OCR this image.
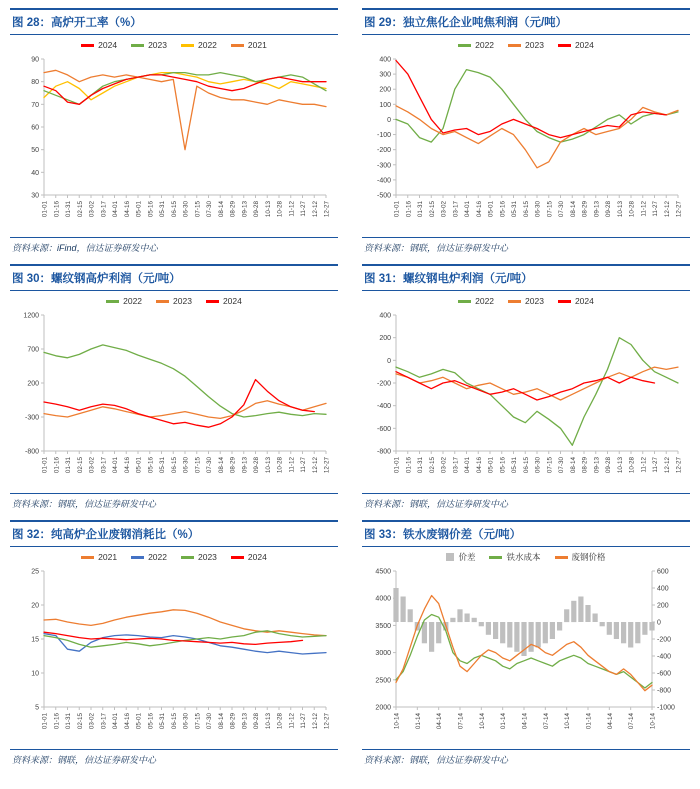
图 28：高炉开工率（%）
2024	2023	2022	2021
90
80
70
60
50
40
30
01-01 01-16 01-31 02-15 03-02 03-17 04-01 04-16 05-01 05-16 05-31 06-15 06-30 07-15 07-30 08-14 08-29 09-13 09-28 10-13 10-28 11-12 11-27 12-12 12-27

资料来源：iFind，信达证券研发中心

图 29：独立焦化企业吨焦利润（元/吨）
2022	2023	2024
400
300
200
100
0
-100
-200
-300
-400
-500
01-01 01-16 01-31 02-15 03-02 03-17 04-01 04-16 05-01 05-16 05-31 06-15 06-30 07-15 07-30 08-14 08-29 09-13 09-28 10-13 10-28 11-12 11-27 12-12 12-27

资料来源：钢联，信达证券研发中心

图 30：螺纹钢高炉利润（元/吨）
2022	2023	2024
1200
700
200
-300
-800
01-01 01-16 01-31 02-15 03-02 03-17 04-01 04-16 05-01 05-16 05-31 06-15 06-30 07-15 07-30 08-14 08-29 09-13 09-28 10-13 10-28 11-12 11-27 12-12 12-27

资料来源：钢联，信达证券研发中心

图 31：螺纹钢电炉利润（元/吨）
2022	2023	2024
400
200
0
-200
-400
-600
-800
01-01 01-16 01-31 02-15 03-02 03-17 04-01 04-16 05-01 05-16 05-31 06-15 06-30 07-15 07-30 08-14 08-29 09-13 09-28 10-13 10-28 11-12 11-27 12-12 12-27

资料来源：钢联，信达证券研发中心

图 32：纯高炉企业废钢消耗比（%）
2021	2022	2023	2024
25
20
15
10
5
01-01 01-16 01-31 02-15 03-02 03-17 04-01 04-16 05-01 05-16 05-31 06-15 06-30 07-15 07-30 08-14 08-29 09-13 09-28 10-13 10-28 11-12 11-27 12-12 12-27

资料来源：钢联，信达证券研发中心

图 33：铁水废钢价差（元/吨）
价差	铁水成本	废钢价格
4500
4000
3500
3000
2500
2000
600
400
200
0
-200
-400
-600
-800
-1000
10-14 01-14 04-14 07-14 10-14 01-14 04-14 07-14 10-14 01-14 04-14 07-14 10-14

资料来源：钢联，信达证券研发中心
